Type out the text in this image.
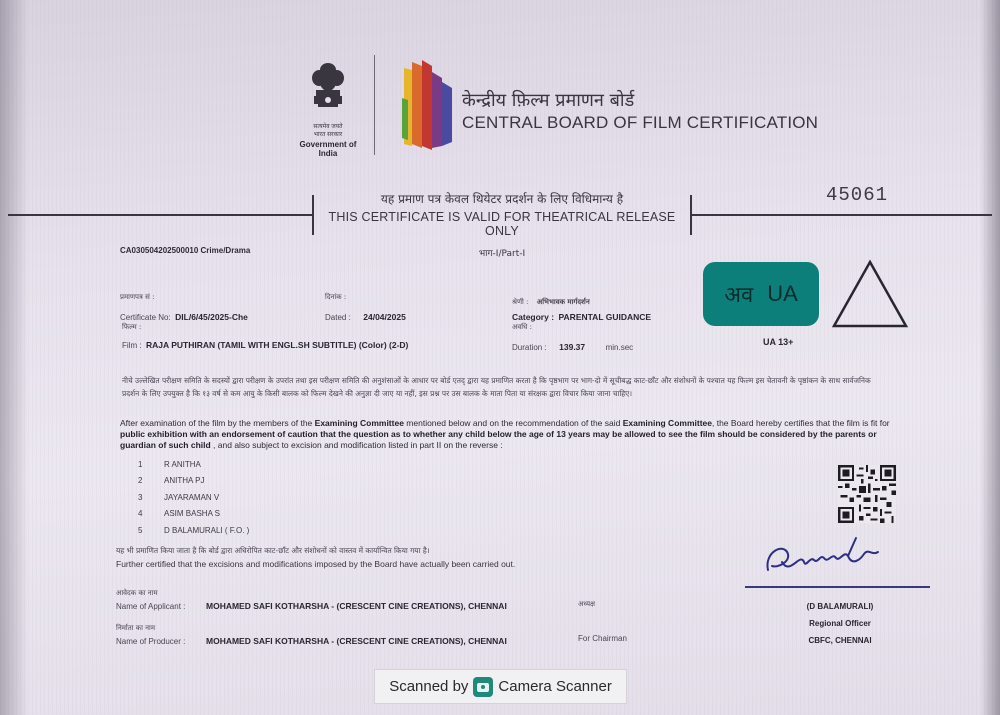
सत्यमेव जयते
भारत सरकार
Government of India
केन्द्रीय फ़िल्म प्रमाणन बोर्ड
CENTRAL BOARD OF FILM CERTIFICATION
यह प्रमाण पत्र केवल थियेटर प्रदर्शन के लिए विधिमान्य है
THIS CERTIFICATE IS VALID FOR THEATRICAL RELEASE ONLY
भाग-I/Part-I
45061
CA030504202500010 Crime/Drama
प्रमाणपत्र सं :
Certificate No: DIL/6/45/2025-Che
दिनांक :
Dated : 24/04/2025
श्रेणी : अभिभावक मार्गदर्शन
Category : PARENTAL GUIDANCE
फिल्म :
Film : RAJA PUTHIRAN (TAMIL WITH ENGL.SH SUBTITLE) (Color) (2-D)
अवधि :
Duration : 139.37	min.sec
अव UA
UA 13+
नीचे उल्लेखित परीक्षण समिति के सदस्यों द्वारा परीक्षण के उपरांत तथा इस परीक्षण समिति की अनुशंसाओं के आधार पर बोर्ड एतद् द्वारा यह प्रमाणित करता है कि पृष्ठभाग पर भाग-दो में सूचीबद्ध काट-छाँट और संशोधनों के पश्चात यह फिल्म इस चेतावनी के पृष्ठांकन के साथ सार्वजनिक प्रदर्शन के लिए उपयुक्त है कि १३ वर्ष से कम आयु के किसी बालक को फिल्म देखने की अनुज्ञा दी जाए या नहीं, इस प्रश्न पर उस बालक के माता पिता या संरक्षक द्वारा विचार किया जाना चाहिए।
After examination of the film by the members of the Examining Committee mentioned below and on the recommendation of the said Examining Committee, the Board hereby certifies that the film is fit for public exhibition with an endorsement of caution that the question as to whether any child below the age of 13 years may be allowed to see the film should be considered by the parents or guardian of such child , and also subject to excision and modification listed in part II on the reverse :
1	R ANITHA
2	ANITHA PJ
3	JAYARAMAN V
4	ASIM BASHA S
5	D BALAMURALI ( F.O. )
यह भी प्रमाणित किया जाता है कि बोर्ड द्वारा अधिरोपित काट-छाँट और संशोधनों को वास्तव में कार्यान्वित किया गया है।
Further certified that the excisions and modifications imposed by the Board have actually been carried out.
आवेदक का नाम
Name of Applicant : MOHAMED SAFI KOTHARSHA - (CRESCENT CINE CREATIONS), CHENNAI
निर्माता का नाम
Name of Producer : MOHAMED SAFI KOTHARSHA - (CRESCENT CINE CREATIONS), CHENNAI
अध्यक्ष
For Chairman
(D BALAMURALI)
Regional Officer
CBFC, CHENNAI
Scanned by Camera Scanner
